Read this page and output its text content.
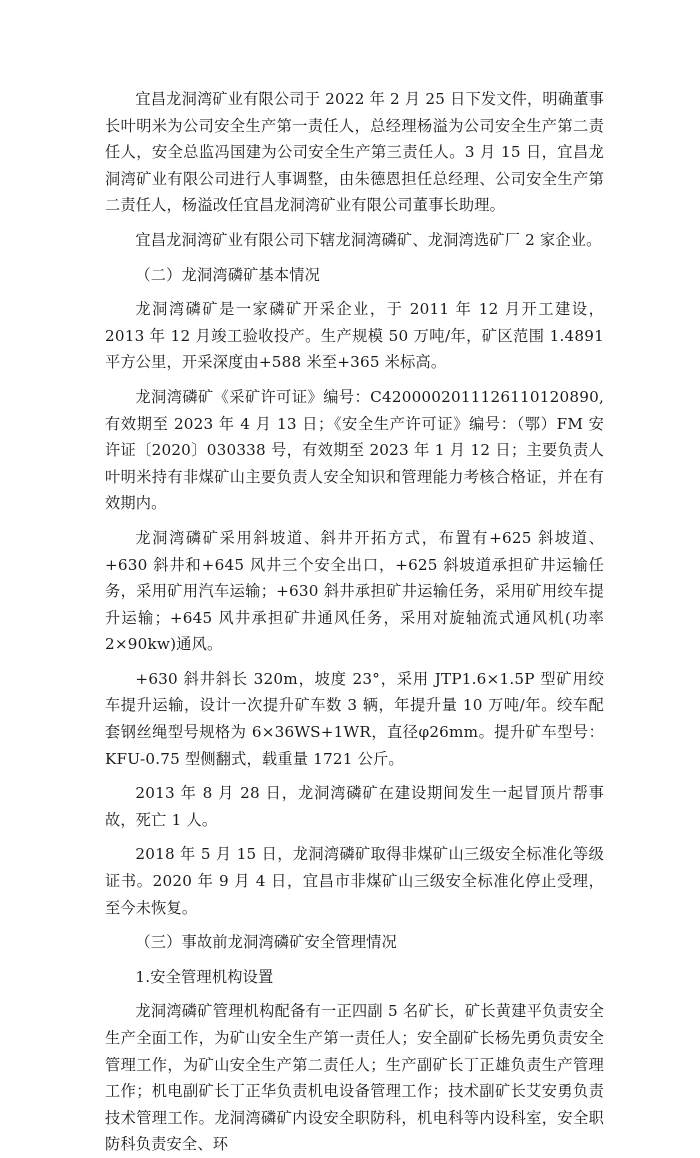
宜昌龙洞湾矿业有限公司于 2022 年 2 月 25 日下发文件，明确董事长叶明米为公司安全生产第一责任人，总经理杨溢为公司安全生产第二责任人，安全总监冯国建为公司安全生产第三责任人。3 月 15 日，宜昌龙洞湾矿业有限公司进行人事调整，由朱德恩担任总经理、公司安全生产第二责任人，杨溢改任宜昌龙洞湾矿业有限公司董事长助理。

宜昌龙洞湾矿业有限公司下辖龙洞湾磷矿、龙洞湾选矿厂 2 家企业。

（二）龙洞湾磷矿基本情况

龙洞湾磷矿是一家磷矿开采企业，于 2011 年 12 月开工建设，2013 年 12 月竣工验收投产。生产规模 50 万吨/年，矿区范围 1.4891 平方公里，开采深度由+588 米至+365 米标高。

龙洞湾磷矿《采矿许可证》编号：C4200002011126110120890,有效期至 2023 年 4 月 13 日；《安全生产许可证》编号：（鄂）FM 安许证〔2020〕030338 号，有效期至 2023 年 1 月 12 日；主要负责人叶明米持有非煤矿山主要负责人安全知识和管理能力考核合格证，并在有效期内。

龙洞湾磷矿采用斜坡道、斜井开拓方式，布置有+625 斜坡道、+630 斜井和+645 风井三个安全出口，+625 斜坡道承担矿井运输任务，采用矿用汽车运输；+630 斜井承担矿井运输任务，采用矿用绞车提升运输；+645 风井承担矿井通风任务，采用对旋轴流式通风机(功率 2×90kw)通风。

+630 斜井斜长 320m，坡度 23°，采用 JTP1.6×1.5P 型矿用绞车提升运输，设计一次提升矿车数 3 辆，年提升量 10 万吨/年。绞车配套钢丝绳型号规格为 6×36WS+1WR，直径φ26mm。提升矿车型号：KFU-0.75 型侧翻式，载重量 1721 公斤。

2013 年 8 月 28 日，龙洞湾磷矿在建设期间发生一起冒顶片帮事故，死亡 1 人。

2018 年 5 月 15 日，龙洞湾磷矿取得非煤矿山三级安全标准化等级证书。2020 年 9 月 4 日，宜昌市非煤矿山三级安全标准化停止受理，至今未恢复。

（三）事故前龙洞湾磷矿安全管理情况

1.安全管理机构设置

龙洞湾磷矿管理机构配备有一正四副 5 名矿长，矿长黄建平负责安全生产全面工作，为矿山安全生产第一责任人；安全副矿长杨先勇负责安全管理工作，为矿山安全生产第二责任人；生产副矿长丁正雄负责生产管理工作；机电副矿长丁正华负责机电设备管理工作；技术副矿长艾安勇负责技术管理工作。龙洞湾磷矿内设安全职防科，机电科等内设科室，安全职防科负责安全、环
